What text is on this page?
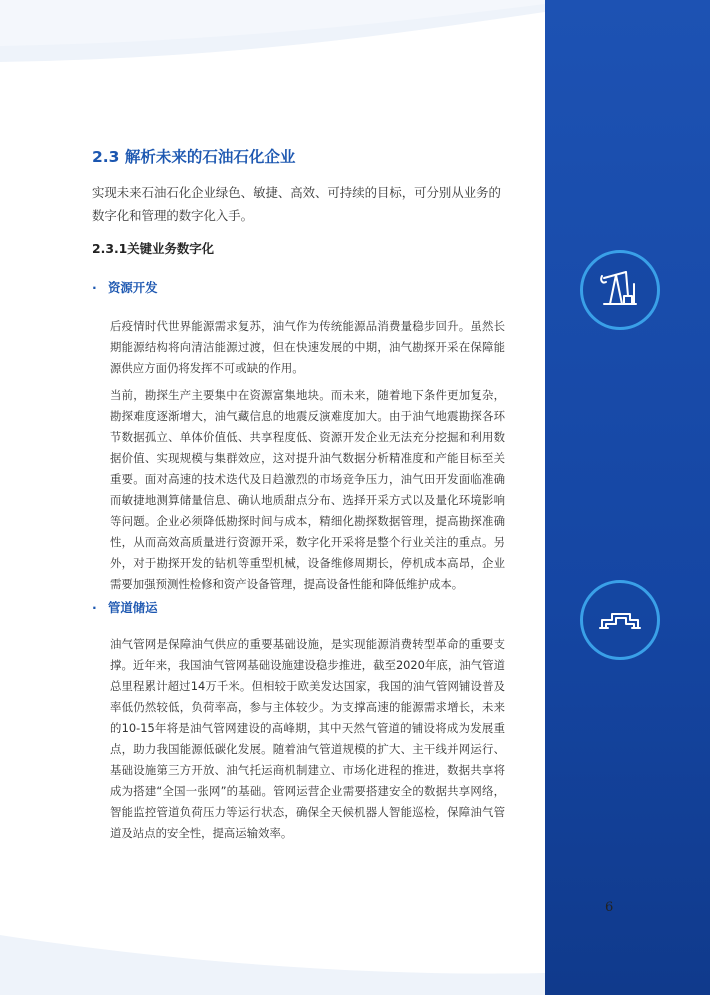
2.3 解析未来的石油石化企业

实现未来石油石化企业绿色、敏捷、高效、可持续的目标，可分别从业务的数字化和管理的数字化入手。

2.3.1关键业务数字化
· 资源开发

后疫情时代世界能源需求复苏，油气作为传统能源品消费量稳步回升。虽然长期能源结构将向清洁能源过渡，但在快速发展的中期，油气勘探开采在保障能源供应方面仍将发挥不可或缺的作用。

当前，勘探生产主要集中在资源富集地块。而未来，随着地下条件更加复杂，勘探难度逐渐增大，油气藏信息的地震反演难度加大。由于油气地震勘探各环节数据孤立、单体价值低、共享程度低、资源开发企业无法充分挖掘和利用数据价值、实现规模与集群效应，这对提升油气数据分析精准度和产能目标至关重要。面对高速的技术迭代及日趋激烈的市场竞争压力，油气田开发面临准确而敏捷地测算储量信息、确认地质甜点分布、选择开采方式以及量化环境影响等问题。企业必须降低勘探时间与成本，精细化勘探数据管理，提高勘探准确性，从而高效高质量进行资源开采，数字化开采将是整个行业关注的重点。另外，对于勘探开发的钻机等重型机械，设备维修周期长，停机成本高昂，企业需要加强预测性检修和资产设备管理，提高设备性能和降低维护成本。

· 管道储运

油气管网是保障油气供应的重要基础设施，是实现能源消费转型革命的重要支撑。近年来，我国油气管网基础设施建设稳步推进，截至2020年底，油气管道总里程累计超过14万千米。但相较于欧美发达国家，我国的油气管网铺设普及率低仍然较低，负荷率高，参与主体较少。为支撑高速的能源需求增长，未来的10-15年将是油气管网建设的高峰期，其中天然气管道的铺设将成为发展重点，助力我国能源低碳化发展。随着油气管道规模的扩大、主干线并网运行、基础设施第三方开放、油气托运商机制建立、市场化进程的推进，数据共享将成为搭建“全国一张网”的基础。管网运营企业需要搭建安全的数据共享网络，智能监控管道负荷压力等运行状态，确保全天候机器人智能巡检，保障油气管道及站点的安全性，提高运输效率。

6
